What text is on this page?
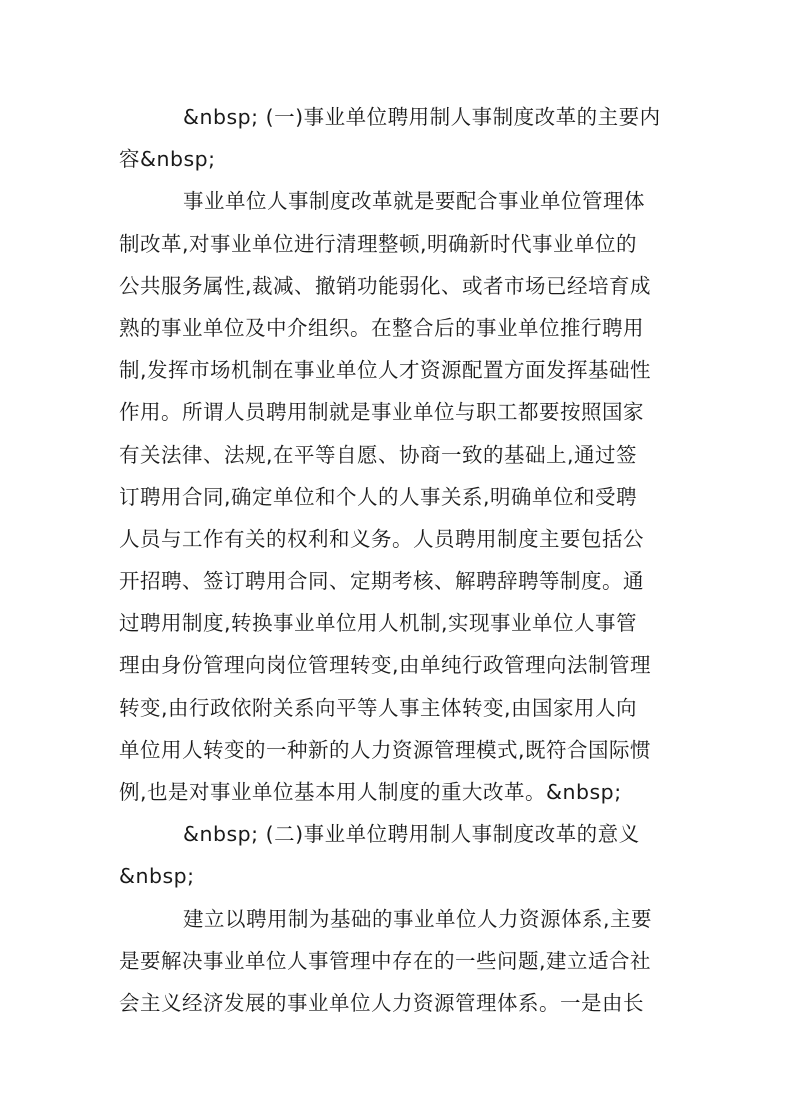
&nbsp; (一)事业单位聘用制人事制度改革的主要内
容&nbsp;
事业单位人事制度改革就是要配合事业单位管理体
制改革,对事业单位进行清理整顿,明确新时代事业单位的
公共服务属性,裁减、撤销功能弱化、或者市场已经培育成
熟的事业单位及中介组织。在整合后的事业单位推行聘用
制,发挥市场机制在事业单位人才资源配置方面发挥基础性
作用。所谓人员聘用制就是事业单位与职工都要按照国家
有关法律、法规,在平等自愿、协商一致的基础上,通过签
订聘用合同,确定单位和个人的人事关系,明确单位和受聘
人员与工作有关的权利和义务。人员聘用制度主要包括公
开招聘、签订聘用合同、定期考核、解聘辞聘等制度。通
过聘用制度,转换事业单位用人机制,实现事业单位人事管
理由身份管理向岗位管理转变,由单纯行政管理向法制管理
转变,由行政依附关系向平等人事主体转变,由国家用人向
单位用人转变的一种新的人力资源管理模式,既符合国际惯
例,也是对事业单位基本用人制度的重大改革。&nbsp;
&nbsp; (二)事业单位聘用制人事制度改革的意义
&nbsp;
建立以聘用制为基础的事业单位人力资源体系,主要
是要解决事业单位人事管理中存在的一些问题,建立适合社
会主义经济发展的事业单位人力资源管理体系。一是由长
